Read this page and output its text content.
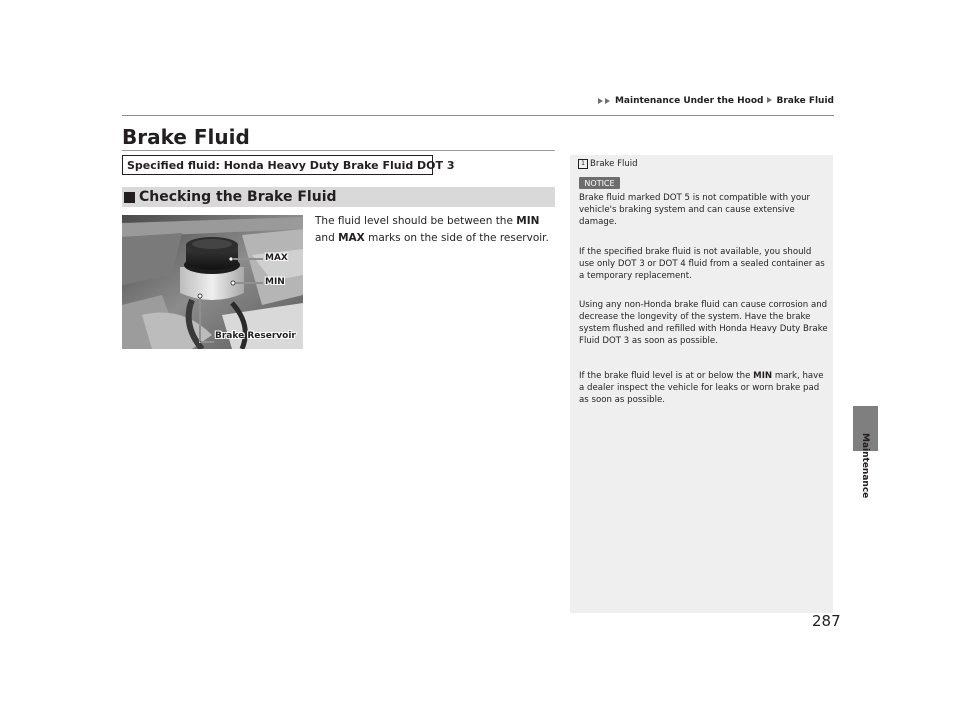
Maintenance Under the Hood Brake Fluid
Maintenance
Brake Fluid
Specified fluid: Honda Heavy Duty Brake Fluid DOT 3
Checking the Brake Fluid
MAX
MIN
Brake Reservoir
The fluid level should be between the MIN and MAX marks on the side of the reservoir.
1 Brake Fluid
NOTICE
Brake fluid marked DOT 5 is not compatible with your vehicle's braking system and can cause extensive damage.
If the specified brake fluid is not available, you should use only DOT 3 or DOT 4 fluid from a sealed container as a temporary replacement.
Using any non-Honda brake fluid can cause corrosion and decrease the longevity of the system. Have the brake system flushed and refilled with Honda Heavy Duty Brake Fluid DOT 3 as soon as possible.
If the brake fluid level is at or below the MIN mark, have a dealer inspect the vehicle for leaks or worn brake pad as soon as possible.
287
